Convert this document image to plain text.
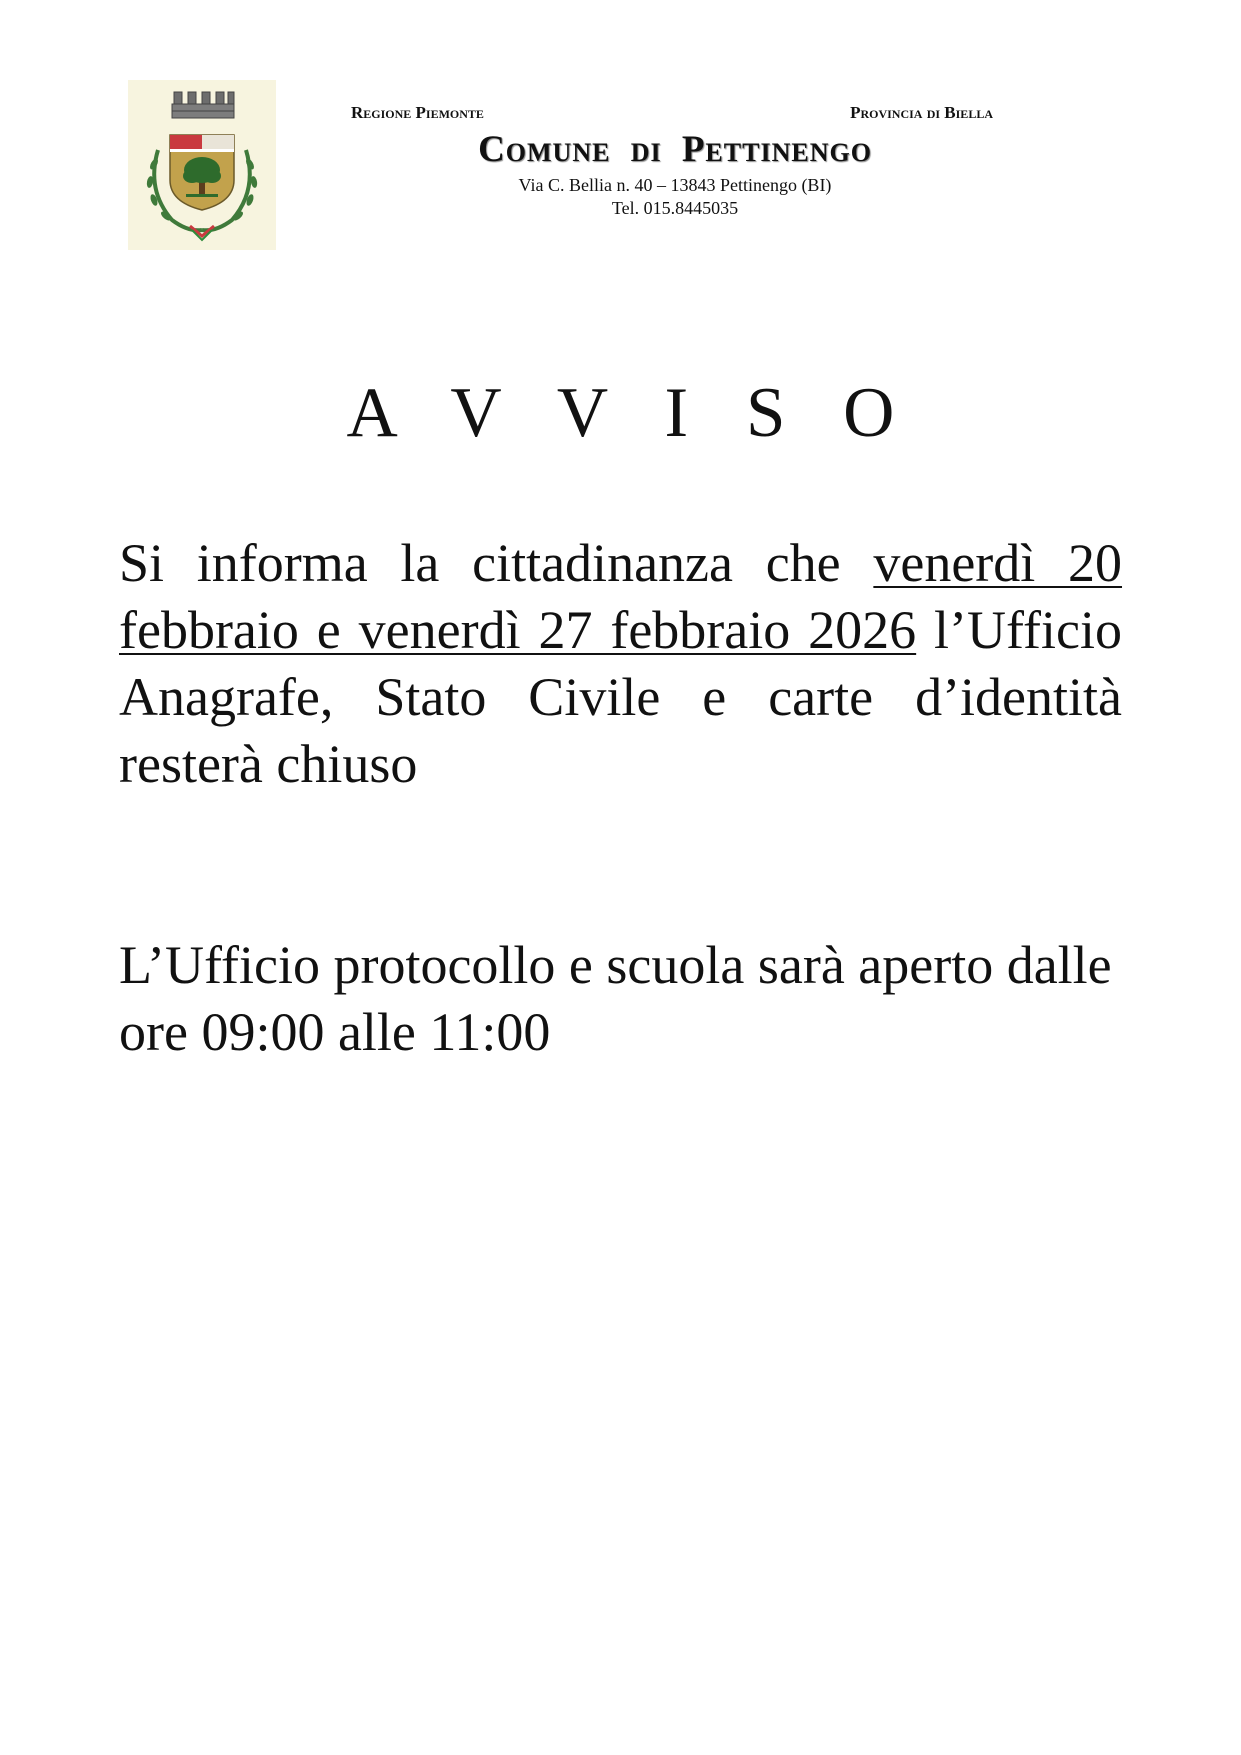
Regione Piemonte	Provincia di Biella
Comune di Pettinengo
Via C. Bellia n. 40 – 13843 Pettinengo (BI)
Tel. 015.8445035
A V V I S O
Si informa la cittadinanza che venerdì 20 febbraio e venerdì 27 febbraio 2026 l’Ufficio Anagrafe, Stato Civile e carte d’identità resterà chiuso
L’Ufficio protocollo e scuola sarà aperto dalle ore 09:00 alle 11:00
